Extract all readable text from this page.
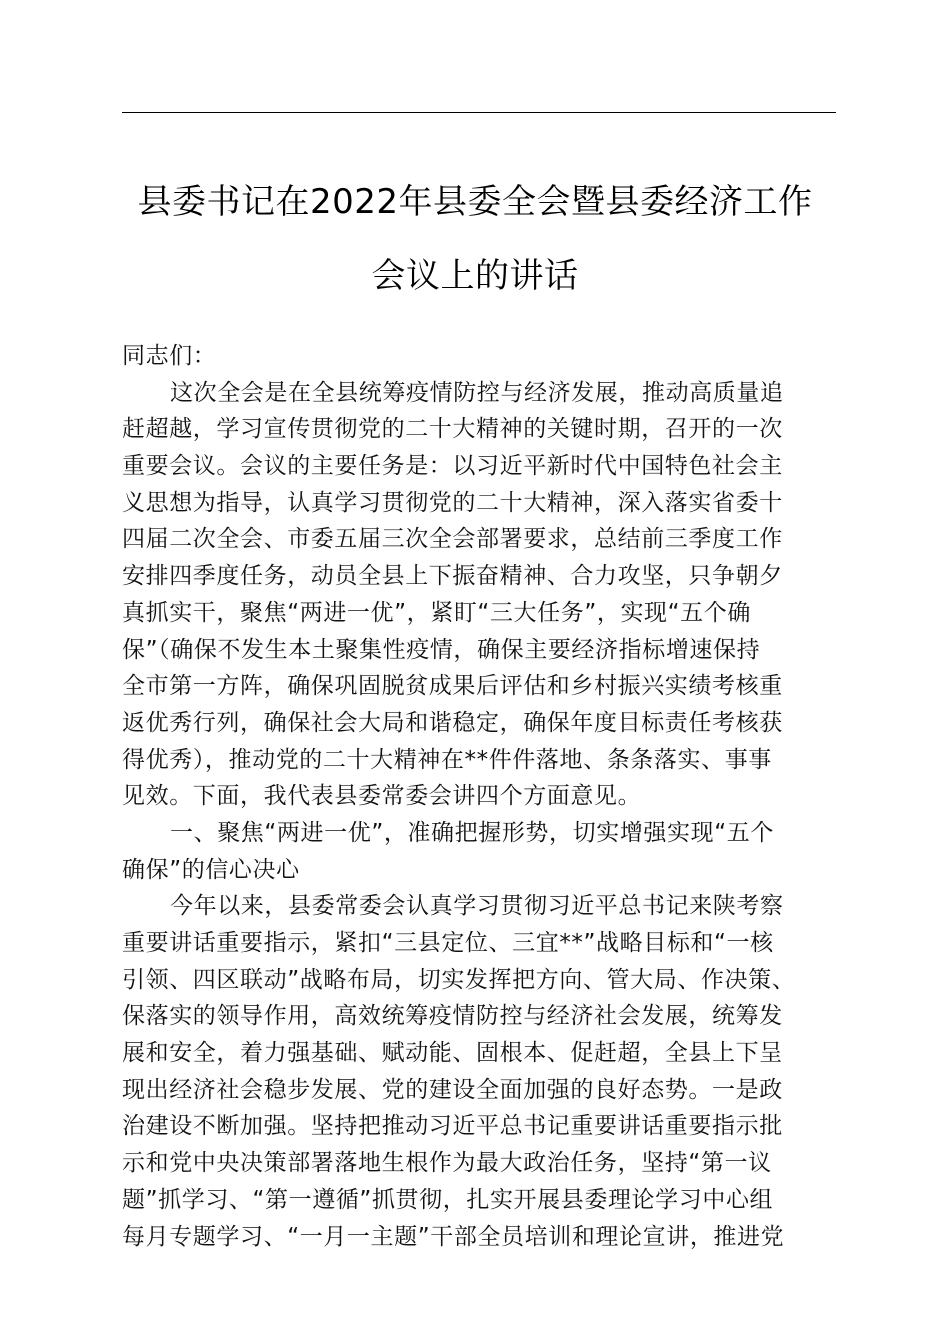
县委书记在2022年县委全会暨县委经济工作
会议上的讲话
同志们：
这次全会是在全县统筹疫情防控与经济发展，推动高质量追
赶超越，学习宣传贯彻党的二十大精神的关键时期，召开的一次
重要会议。会议的主要任务是：以习近平新时代中国特色社会主
义思想为指导，认真学习贯彻党的二十大精神，深入落实省委十
四届二次全会、市委五届三次全会部署要求，总结前三季度工作
安排四季度任务，动员全县上下振奋精神、合力攻坚，只争朝夕
真抓实干，聚焦“两进一优”，紧盯“三大任务”，实现“五个确
保”（确保不发生本土聚集性疫情，确保主要经济指标增速保持
全市第一方阵，确保巩固脱贫成果后评估和乡村振兴实绩考核重
返优秀行列，确保社会大局和谐稳定，确保年度目标责任考核获
得优秀），推动党的二十大精神在**件件落地、条条落实、事事
见效。下面，我代表县委常委会讲四个方面意见。
一、聚焦“两进一优”，准确把握形势，切实增强实现“五个
确保”的信心决心
今年以来，县委常委会认真学习贯彻习近平总书记来陕考察
重要讲话重要指示，紧扣“三县定位、三宜**”战略目标和“一核
引领、四区联动”战略布局，切实发挥把方向、管大局、作决策、
保落实的领导作用，高效统筹疫情防控与经济社会发展，统筹发
展和安全，着力强基础、赋动能、固根本、促赶超，全县上下呈
现出经济社会稳步发展、党的建设全面加强的良好态势。一是政
治建设不断加强。坚持把推动习近平总书记重要讲话重要指示批
示和党中央决策部署落地生根作为最大政治任务，坚持“第一议
题”抓学习、“第一遵循”抓贯彻，扎实开展县委理论学习中心组
每月专题学习、“一月一主题”干部全员培训和理论宣讲，推进党
